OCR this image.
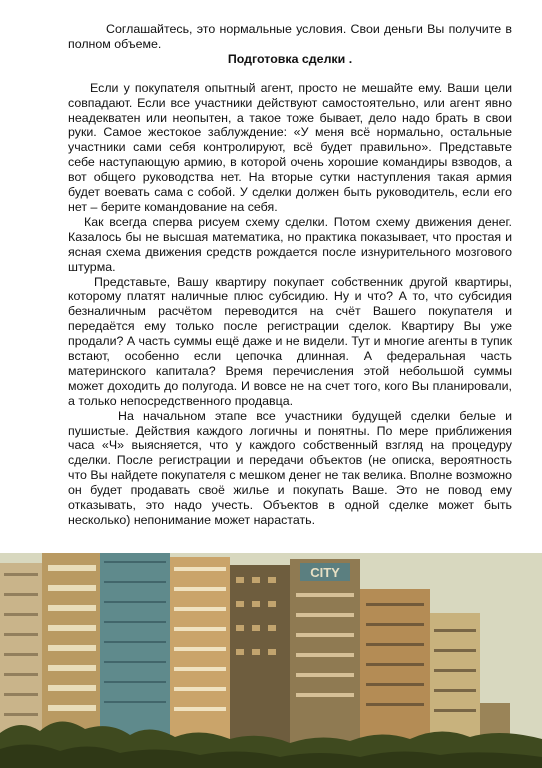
Соглашайтесь, это нормальные условия. Свои деньги Вы получите в полном объеме.

Подготовка сделки .

Если у покупателя опытный агент, просто не мешайте ему. Ваши цели совпадают. Если все участники действуют самостоятельно, или агент явно неадекватен или неопытен, а такое тоже бывает, дело надо брать в свои руки. Самое жестокое заблуждение: «У меня всё нормально, остальные участники сами себя контролируют, всё будет правильно». Представьте себе наступающую армию, в которой очень хорошие командиры взводов, а вот общего руководства нет. На вторые сутки наступления такая армия будет воевать сама с собой. У сделки должен быть руководитель, если его нет – берите командование на себя.

Как всегда сперва рисуем схему сделки. Потом схему движения денег. Казалось бы не высшая математика, но практика показывает, что простая и ясная схема движения средств рождается после изнурительного мозгового штурма.

Представьте, Вашу квартиру покупает собственник другой квартиры, которому платят наличные плюс субсидию. Ну и что? А то, что субсидия безналичным расчётом переводится на счёт Вашего покупателя и передаётся ему только после регистрации сделок. Квартиру Вы уже продали? А часть суммы ещё даже и не видели. Тут и многие агенты в тупик встают, особенно если цепочка длинная. А федеральная часть материнского капитала? Время перечисления этой небольшой суммы может доходить до полугода. И вовсе не на счет того, кого Вы планировали, а только непосредственного продавца.

На начальном этапе все участники будущей сделки белые и пушистые. Действия каждого логичны и понятны. По мере приближения часа «Ч» выясняется, что у каждого собственный взгляд на процедуру сделки. После регистрации и передачи объектов (не описка, вероятность что Вы найдете покупателя с мешком денег не так велика. Вполне возможно он будет продавать своё жилье и покупать Ваше. Это не повод ему отказывать, это надо учесть. Объектов в одной сделке может быть несколько) непонимание может нарастать.

CITY
